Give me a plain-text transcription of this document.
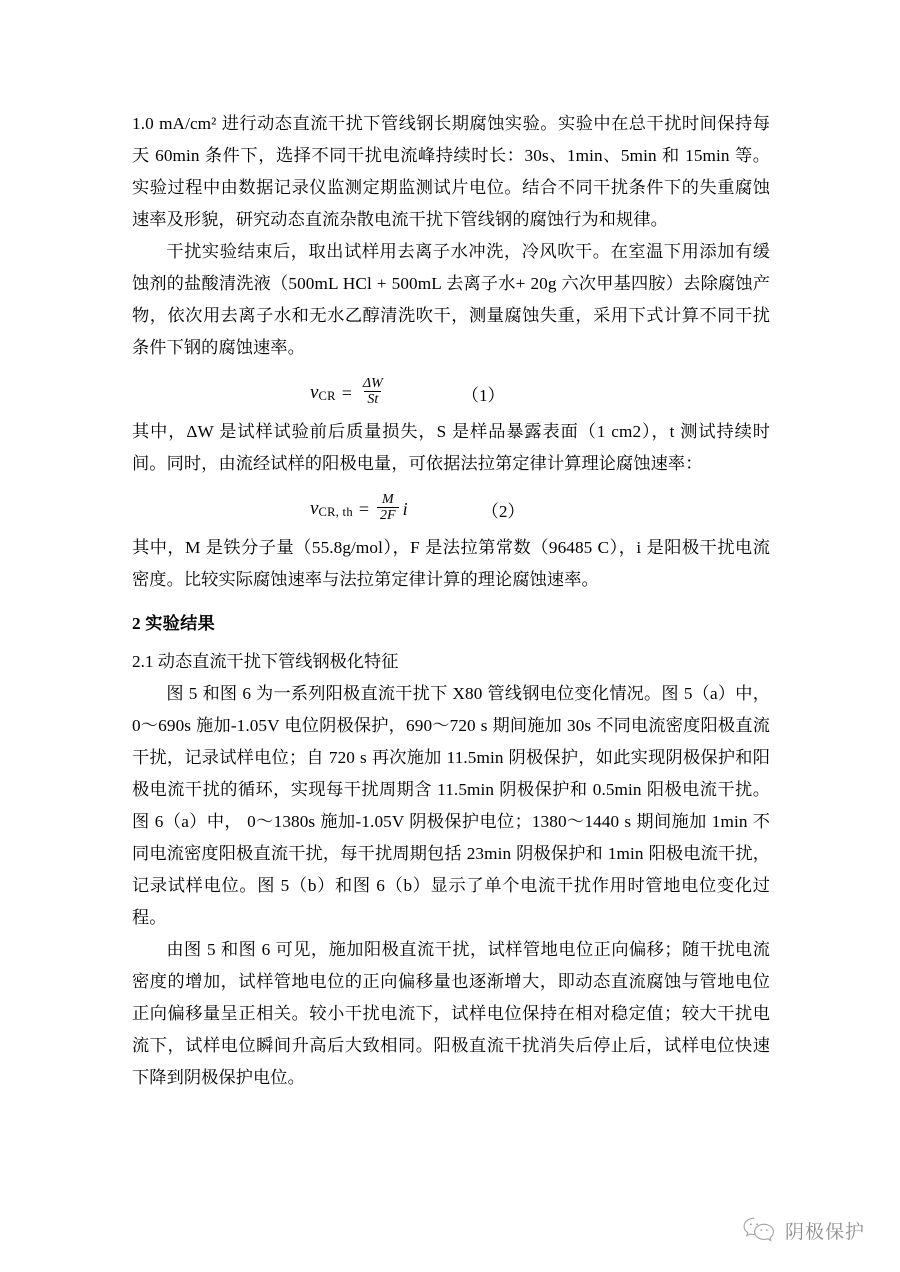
1.0 mA/cm² 进行动态直流干扰下管线钢长期腐蚀实验。实验中在总干扰时间保持每天 60min 条件下，选择不同干扰电流峰持续时长：30s、1min、5min 和 15min 等。实验过程中由数据记录仪监测定期监测试片电位。结合不同干扰条件下的失重腐蚀速率及形貌，研究动态直流杂散电流干扰下管线钢的腐蚀行为和规律。

干扰实验结束后，取出试样用去离子水冲洗，冷风吹干。在室温下用添加有缓蚀剂的盐酸清洗液（500mL HCl + 500mL 去离子水+ 20g 六次甲基四胺）去除腐蚀产物，依次用去离子水和无水乙醇清洗吹干，测量腐蚀失重，采用下式计算不同干扰条件下钢的腐蚀速率。

v CR = $\frac{\Delta W}{St}$	（1）

其中，ΔW 是试样试验前后质量损失，S 是样品暴露表面（1 cm2），t 测试持续时间。同时，由流经试样的阳极电量，可依据法拉第定律计算理论腐蚀速率：

v CR, th = $\frac{M}{2F}$ i	（2）

其中，M 是铁分子量（55.8g/mol），F 是法拉第常数（96485 C），i 是阳极干扰电流密度。比较实际腐蚀速率与法拉第定律计算的理论腐蚀速率。

2 实验结果
2.1 动态直流干扰下管线钢极化特征

图 5 和图 6 为一系列阳极直流干扰下 X80 管线钢电位变化情况。图 5（a）中， 0～690s 施加-1.05V 电位阴极保护，690～720 s 期间施加 30s 不同电流密度阳极直流干扰，记录试样电位；自 720 s 再次施加 11.5min 阴极保护，如此实现阴极保护和阳极电流干扰的循环，实现每干扰周期含 11.5min 阴极保护和 0.5min 阳极电流干扰。图 6（a）中， 0～1380s 施加-1.05V 阴极保护电位；1380～1440 s 期间施加 1min 不同电流密度阳极直流干扰，每干扰周期包括 23min 阴极保护和 1min 阳极电流干扰，记录试样电位。图 5（b）和图 6（b）显示了单个电流干扰作用时管地电位变化过程。

由图 5 和图 6 可见，施加阳极直流干扰，试样管地电位正向偏移；随干扰电流密度的增加，试样管地电位的正向偏移量也逐渐增大，即动态直流腐蚀与管地电位正向偏移量呈正相关。较小干扰电流下，试样电位保持在相对稳定值；较大干扰电流下，试样电位瞬间升高后大致相同。阳极直流干扰消失后停止后，试样电位快速下降到阴极保护电位。

阴极保护
